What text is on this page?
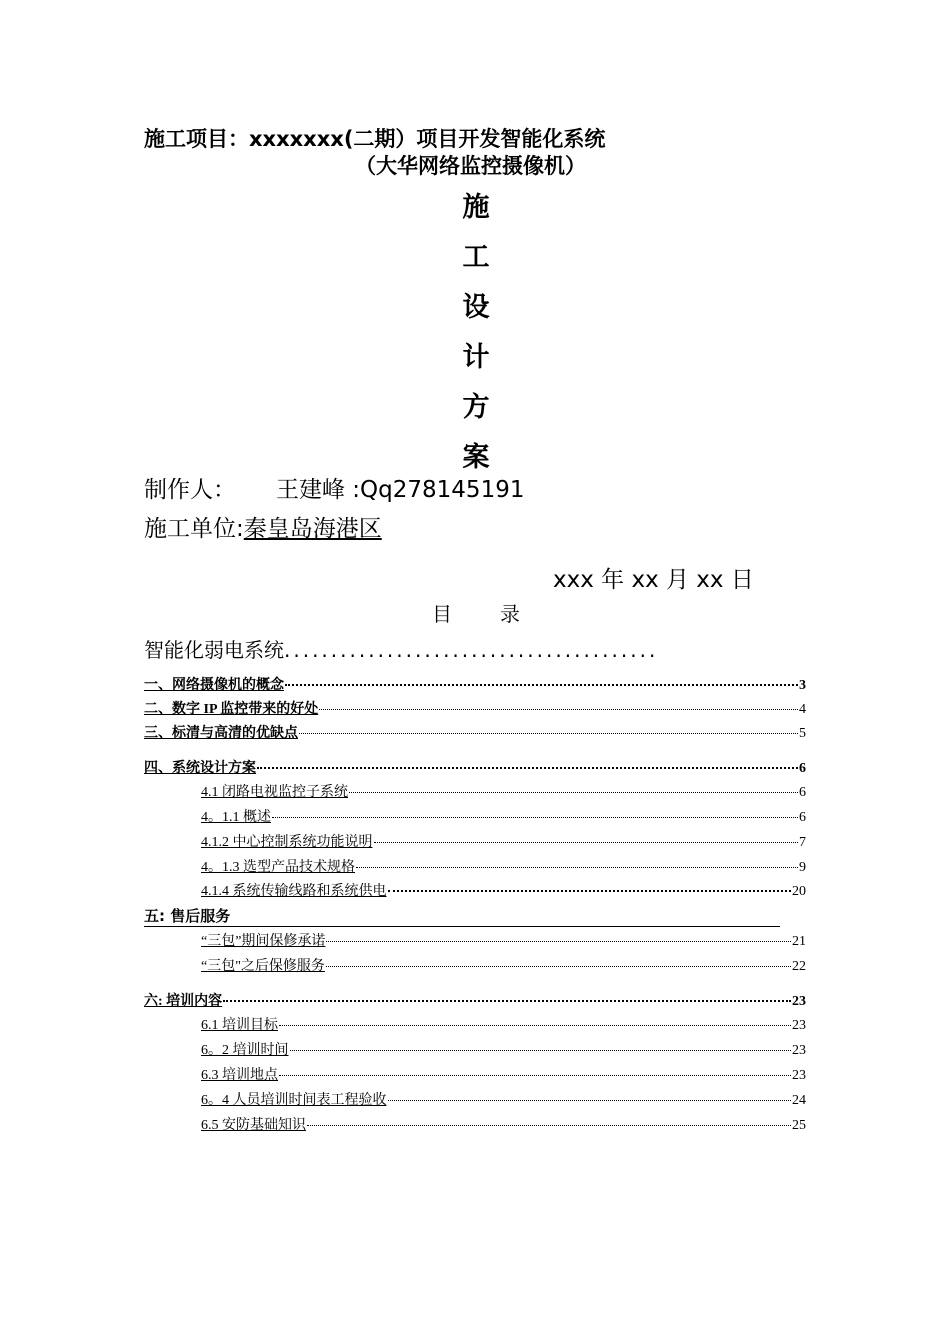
施工项目：xxxxxxx(二期）项目开发智能化系统
（大华网络监控摄像机）
施
工
设
计
方
案
制作人： 王建峰 :Qq278145191
施工单位:秦皇岛海港区
xxx 年 xx 月 xx 日
目 录
智能化弱电系统........................................
一、网络摄像机的概念	3
二、数字 IP 监控带来的好处	4
三、标清与高清的优缺点	5
四、系统设计方案	6
4.1 闭路电视监控子系统	6
4。1.1 概述	6
4.1.2 中心控制系统功能说明	7
4。1.3 选型产品技术规格	9
4.1.4 系统传输线路和系统供电	20
五: 售后服务
“三包”期间保修承诺	21
“三包"之后保修服务	22
六: 培训内容	23
6.1 培训目标	23
6。2 培训时间	23
6.3 培训地点	23
6。4 人员培训时间表工程验收	24
6.5 安防基础知识	25
